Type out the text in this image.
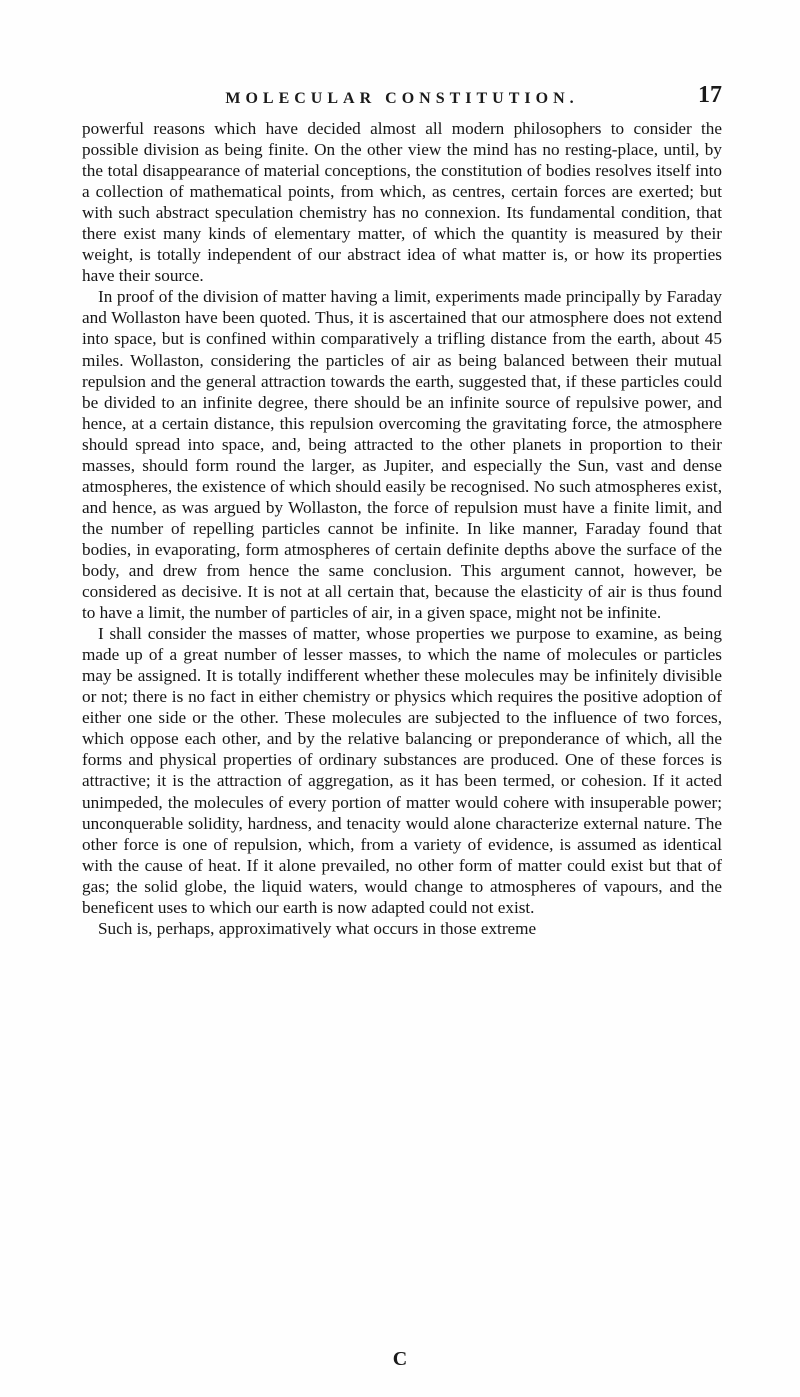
MOLECULAR CONSTITUTION.	17

powerful reasons which have decided almost all modern philosophers to consider the possible division as being finite. On the other view the mind has no resting-place, until, by the total disappearance of material conceptions, the constitution of bodies resolves itself into a collection of mathematical points, from which, as centres, certain forces are exerted; but with such abstract speculation chemistry has no connexion. Its fundamental condition, that there exist many kinds of elementary matter, of which the quantity is measured by their weight, is totally independent of our abstract idea of what matter is, or how its properties have their source.

In proof of the division of matter having a limit, experiments made principally by Faraday and Wollaston have been quoted. Thus, it is ascertained that our atmosphere does not extend into space, but is confined within comparatively a trifling distance from the earth, about 45 miles. Wollaston, considering the particles of air as being balanced between their mutual repulsion and the general attraction towards the earth, suggested that, if these particles could be divided to an infinite degree, there should be an infinite source of repulsive power, and hence, at a certain distance, this repulsion overcoming the gravitating force, the atmosphere should spread into space, and, being attracted to the other planets in proportion to their masses, should form round the larger, as Jupiter, and especially the Sun, vast and dense atmospheres, the existence of which should easily be recognised. No such atmospheres exist, and hence, as was argued by Wollaston, the force of repulsion must have a finite limit, and the number of repelling particles cannot be infinite. In like manner, Faraday found that bodies, in evaporating, form atmospheres of certain definite depths above the surface of the body, and drew from hence the same conclusion. This argument cannot, however, be considered as decisive. It is not at all certain that, because the elasticity of air is thus found to have a limit, the number of particles of air, in a given space, might not be infinite.

I shall consider the masses of matter, whose properties we purpose to examine, as being made up of a great number of lesser masses, to which the name of molecules or particles may be assigned. It is totally indifferent whether these molecules may be infinitely divisible or not; there is no fact in either chemistry or physics which requires the positive adoption of either one side or the other. These molecules are subjected to the influence of two forces, which oppose each other, and by the relative balancing or preponderance of which, all the forms and physical properties of ordinary substances are produced. One of these forces is attractive; it is the attraction of aggregation, as it has been termed, or cohesion. If it acted unimpeded, the molecules of every portion of matter would cohere with insuperable power; unconquerable solidity, hardness, and tenacity would alone characterize external nature. The other force is one of repulsion, which, from a variety of evidence, is assumed as identical with the cause of heat. If it alone prevailed, no other form of matter could exist but that of gas; the solid globe, the liquid waters, would change to atmospheres of vapours, and the beneficent uses to which our earth is now adapted could not exist.

Such is, perhaps, approximatively what occurs in those extreme

C
